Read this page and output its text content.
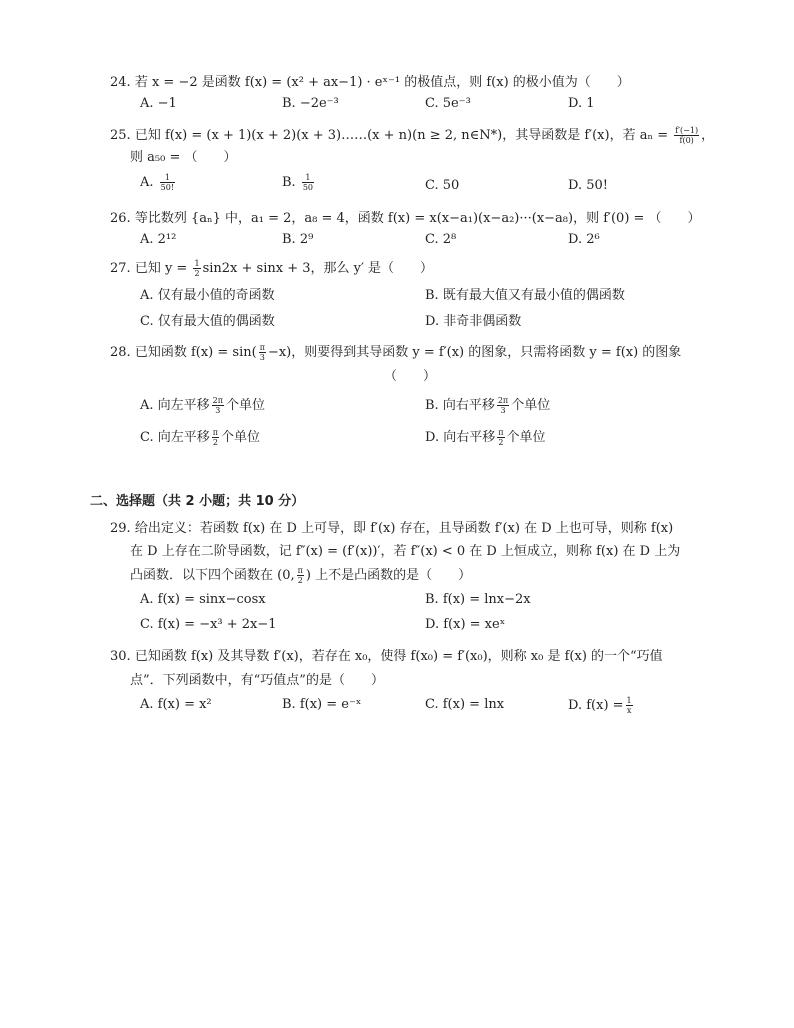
24. 若 x = −2 是函数 f(x) = (x² + ax−1) · eˣ⁻¹ 的极值点，则 f(x) 的极小值为（　　）
A. −1	B. −2e⁻³	C. 5e⁻³	D. 1
25. 已知 f(x) = (x + 1)(x + 2)(x + 3)……(x + n)(n ≥ 2, n∈N*)，其导函数是 f′(x)，若 $a_n = \frac{f'(-1)}{f(0)}$ ，
则 a₅₀ = （　　）
A. $\frac{1}{50!}$	B. $\frac{1}{50}$	C. 50	D. 50!
26. 等比数列 {aₙ} 中，a₁ = 2，a₈ = 4，函数 f(x) = x(x−a₁)(x−a₂)···(x−a₈)，则 f′(0) = （　　）
A. 2¹²	B. 2⁹	C. 2⁸	D. 2⁶
27. 已知 $y = \frac{1}{2} \sin 2x + \sin x + 3$，那么 y′ 是（　　）
A. 仅有最小值的奇函数	B. 既有最大值又有最小值的偶函数
C. 仅有最大值的偶函数	D. 非奇非偶函数
28. 已知函数 $f(x) = \sin( \frac{\pi}{3} -x)$，则要得到其导函数 y = f′(x) 的图象，只需将函数 y = f(x) 的图象
（　　）
A. 向左平移 $\frac{2\pi}{3}$ 个单位	B. 向右平移 $\frac{2\pi}{3}$ 个单位
C. 向左平移 $\frac{\pi}{2}$ 个单位	D. 向右平移 $\frac{\pi}{2}$ 个单位
二、选择题（共 2 小题；共 10 分）
29. 给出定义：若函数 f(x) 在 D 上可导，即 f′(x) 存在，且导函数 f′(x) 在 D 上也可导，则称 f(x)
在 D 上存在二阶导函数，记 f″(x) = (f′(x))′，若 f″(x) < 0 在 D 上恒成立，则称 f(x) 在 D 上为
凸函数．以下四个函数在 (0, $\frac{\pi}{2}$ ) 上不是凸函数的是（　　）
A. f(x) = sinx−cosx	B. f(x) = lnx−2x
C. f(x) = −x³ + 2x−1	D. f(x) = xeˣ
30. 已知函数 f(x) 及其导数 f′(x)，若存在 x₀，使得 f(x₀) = f′(x₀)，则称 x₀ 是 f(x) 的一个“巧值
点”．下列函数中，有“巧值点”的是（　　）
A. f(x) = x²	B. f(x) = e⁻ˣ	C. f(x) = lnx	D. $f(x) = \frac{1}{x}$
